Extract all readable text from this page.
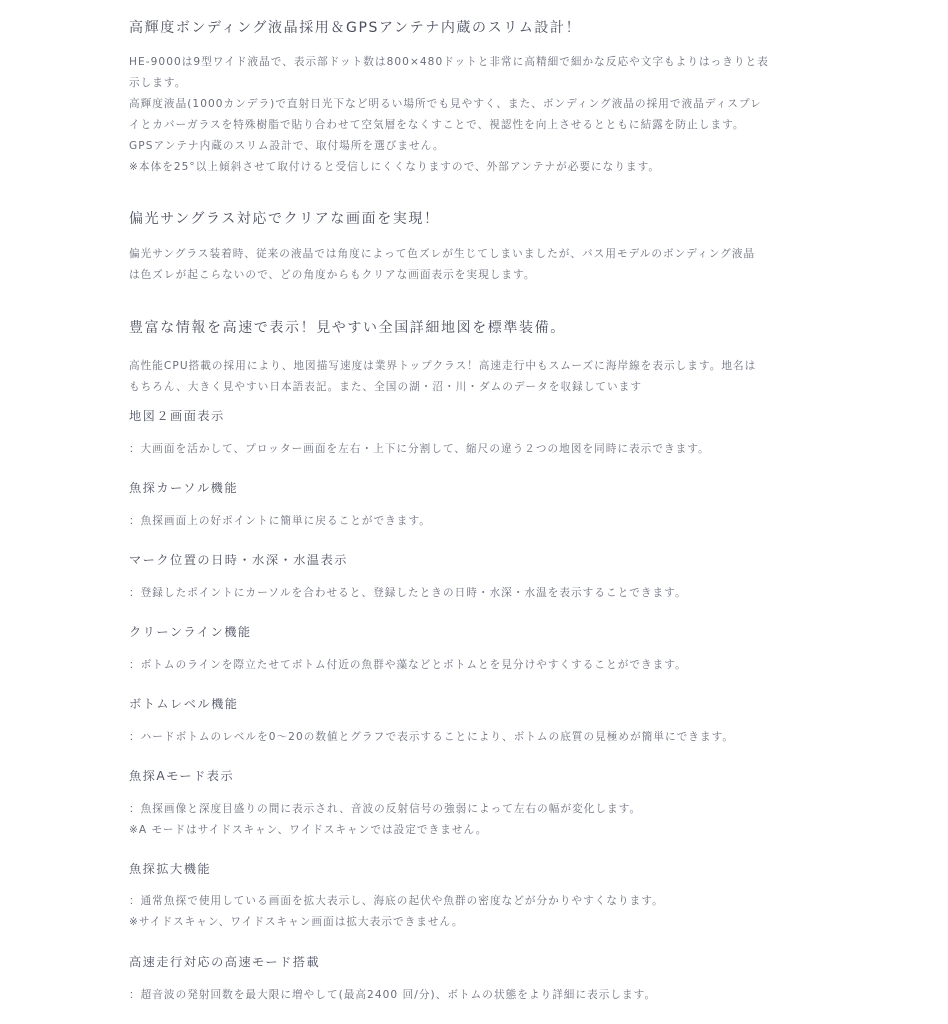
高輝度ボンディング液晶採用＆GPSアンテナ内蔵のスリム設計！

HE-9000は9型ワイド液晶で、表示部ドット数は800×480ドットと非常に高精細で細かな反応や文字もよりはっきりと表

示します。

高輝度液晶(1000カンデラ)で直射日光下など明るい場所でも見やすく、また、ボンディング液晶の採用で液晶ディスプレ

イとカバーガラスを特殊樹脂で貼り合わせて空気層をなくすことで、視認性を向上させるとともに結露を防止します。

GPSアンテナ内蔵のスリム設計で、取付場所を選びません。

※本体を25°以上傾斜させて取付けると受信しにくくなりますので、外部アンテナが必要になります。

偏光サングラス対応でクリアな画面を実現！

偏光サングラス装着時、従来の液晶では角度によって色ズレが生じてしまいましたが、バス用モデルのボンディング液晶

は色ズレが起こらないので、どの角度からもクリアな画面表示を実現します。

豊富な情報を高速で表示！見やすい全国詳細地図を標準装備。

高性能CPU搭載の採用により、地図描写速度は業界トップクラス！高速走行中もスムーズに海岸線を表示します。地名は

もちろん、大きく見やすい日本語表記。また、全国の湖・沼・川・ダムのデータを収録しています

地図２画面表示

：大画面を活かして、プロッター画面を左右・上下に分割して、縮尺の違う２つの地図を同時に表示できます。

魚探カーソル機能

：魚探画面上の好ポイントに簡単に戻ることができます。

マーク位置の日時・水深・水温表示

：登録したポイントにカーソルを合わせると、登録したときの日時・水深・水温を表示することできます。

クリーンライン機能

：ボトムのラインを際立たせてボトム付近の魚群や藻などとボトムとを見分けやすくすることができます。

ボトムレベル機能

：ハードボトムのレベルを0〜20の数値とグラフで表示することにより、ボトムの底質の見極めが簡単にできます。

魚探Aモード表示

：魚探画像と深度目盛りの間に表示され、音波の反射信号の強弱によって左右の幅が変化します。

※A モードはサイドスキャン、ワイドスキャンでは設定できません。

魚探拡大機能

：通常魚探で使用している画面を拡大表示し、海底の起伏や魚群の密度などが分かりやすくなります。

※サイドスキャン、ワイドスキャン画面は拡大表示できません。

高速走行対応の高速モード搭載

：超音波の発射回数を最大限に増やして(最高2400 回/分)、ボトムの状態をより詳細に表示します。
